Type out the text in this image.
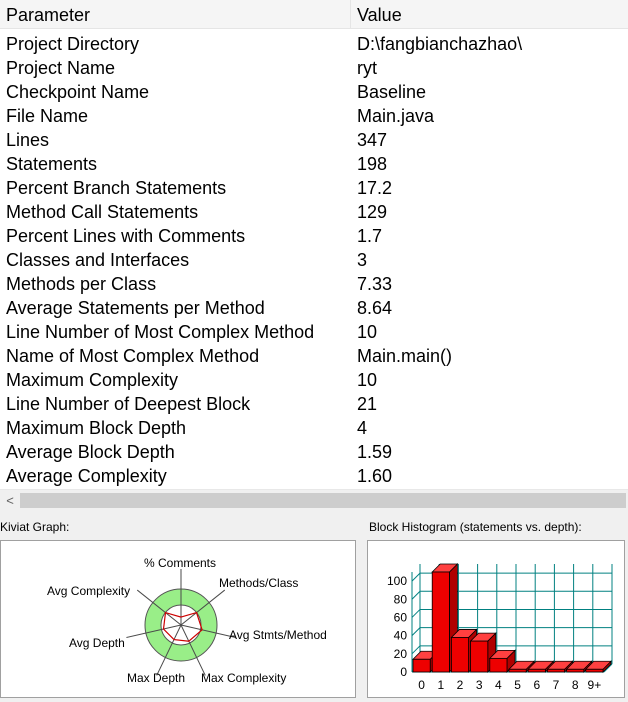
Parameter	Value
Project Directory	D:\fangbianchazhao\
Project Name	ryt
Checkpoint Name	Baseline
File Name	Main.java
Lines	347
Statements	198
Percent Branch Statements	17.2
Method Call Statements	129
Percent Lines with Comments	1.7
Classes and Interfaces	3
Methods per Class	7.33
Average Statements per Method	8.64
Line Number of Most Complex Method 10
Name of Most Complex Method	Main.main()
Maximum Complexity	10
Line Number of Deepest Block	21
Maximum Block Depth	4
Average Block Depth	1.59
Average Complexity	1.60
<
Kiviat Graph:
% Comments
Methods/Class
Avg Stmts/Method
Max Complexity
Max Depth
Avg Depth
Avg Complexity
Block Histogram (statements vs. depth):
0
20
40
60
80
100
0 1 2 3 4 5 6 7 8 9+
